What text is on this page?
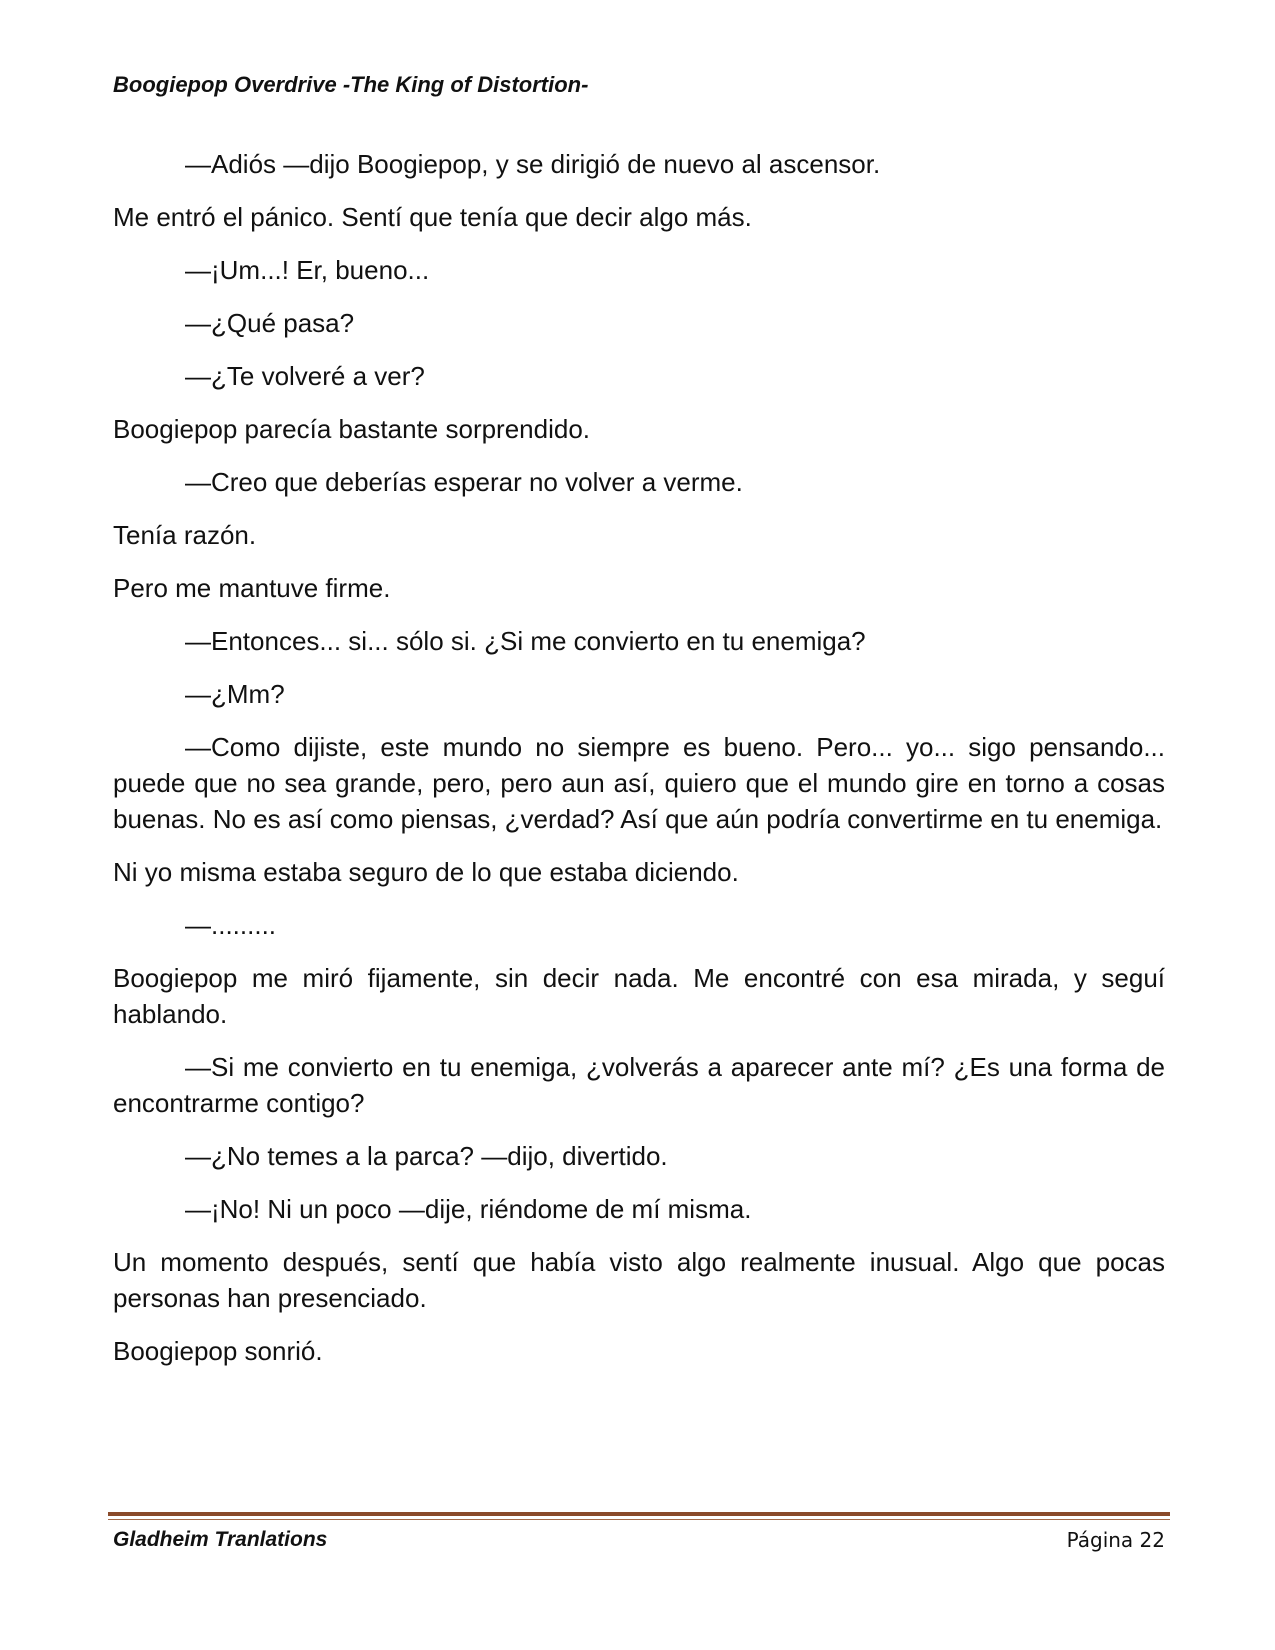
Boogiepop Overdrive -The King of Distortion-

—Adiós —dijo Boogiepop, y se dirigió de nuevo al ascensor.

Me entró el pánico. Sentí que tenía que decir algo más.

—¡Um...! Er, bueno...

—¿Qué pasa?

—¿Te volveré a ver?

Boogiepop parecía bastante sorprendido.

—Creo que deberías esperar no volver a verme.

Tenía razón.

Pero me mantuve firme.

—Entonces... si... sólo si. ¿Si me convierto en tu enemiga?

—¿Mm?

—Como dijiste, este mundo no siempre es bueno. Pero... yo... sigo pensando... puede que no sea grande, pero, pero aun así, quiero que el mundo gire en torno a cosas buenas. No es así como piensas, ¿verdad? Así que aún podría convertirme en tu enemiga.

Ni yo misma estaba seguro de lo que estaba diciendo.

—.........

Boogiepop me miró fijamente, sin decir nada. Me encontré con esa mirada, y seguí hablando.

—Si me convierto en tu enemiga, ¿volverás a aparecer ante mí? ¿Es una forma de encontrarme contigo?

—¿No temes a la parca? —dijo, divertido.

—¡No! Ni un poco —dije, riéndome de mí misma.

Un momento después, sentí que había visto algo realmente inusual. Algo que pocas personas han presenciado.

Boogiepop sonrió.

Gladheim Tranlations	Página 22
